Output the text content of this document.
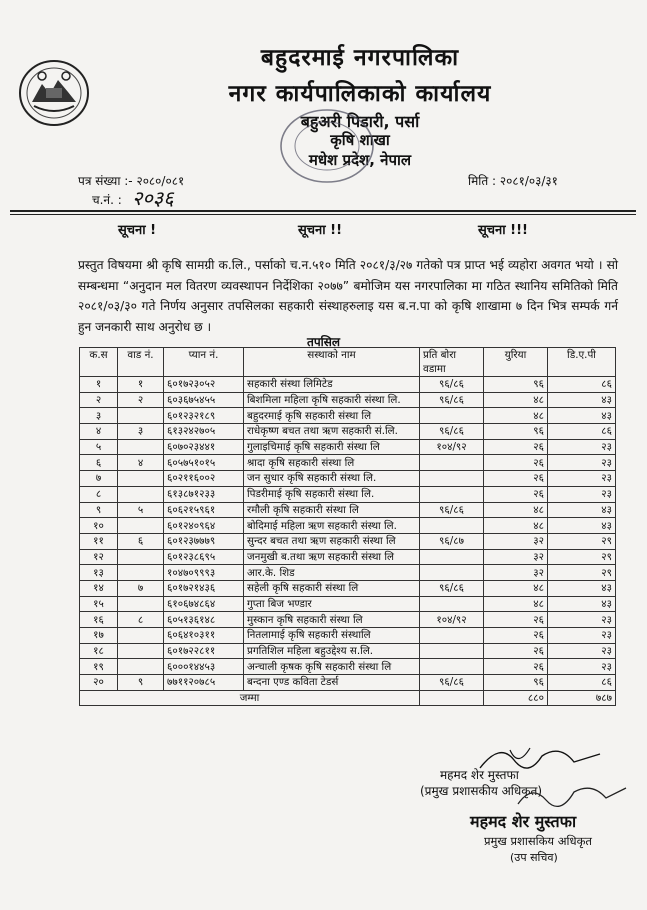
बहुदरमाई नगरपालिका
नगर कार्यपालिकाको कार्यालय
बहुअरी पिडारी, पर्सा
कृषि शाखा
मधेश प्रदेश, नेपाल
पत्र संख्या :- २०८०/०८१
च.नं. : २०३६
मिति : २०८१/०३/३१
सूचना !	सूचना !!	सूचना !!!
प्रस्तुत विषयमा श्री कृषि सामग्री क.लि., पर्साको च.न.५१० मिति २०८१/३/२७ गतेको पत्र प्राप्त भई व्यहोरा अवगत भयो । सो सम्बन्धमा “अनुदान मल वितरण व्यवस्थापन निर्देशिका २०७७” बमोजिम यस नगरपालिका मा गठित स्थानिय समितिको मिति २०८१/०३/३० गते निर्णय अनुसार तपसिलका सहकारी संस्थाहरुलाइ यस ब.न.पा को कृषि शाखामा ७ दिन भित्र सम्पर्क गर्न हुन जनकारी साथ अनुरोध छ ।
तपसिल
क.स	वाड नं.	प्यान नं.	सस्थाको नाम	प्रति बोरा वडामा	युरिया	डि.ए.पी
१	१	६०१७२३०५२	सहकारी संस्था लिमिटेड	९६/८६	९६	८६
२	२	६०३६७५४५५	बिशमिला महिला कृषि सहकारी संस्था लि.	९६/८६	४८	४३
३		६०१२३२१८९	बहुदरमाई कृषि सहकारी संस्था लि		४८	४३
४	३	६१३२४२७०५	राधेकृष्ण बचत तथा ऋण सहकारी सं.लि.	९६/८६	९६	८६
५		६०७०२३४४१	गुलाइचिमाई कृषि सहकारी संस्था लि	१०४/९२	२६	२३
६	४	६०५७५१०१५	श्रादा कृषि सहकारी संस्था लि		२६	२३
७		६०२११६००२	जन सुधार कृषि सहकारी संस्था लि.		२६	२३
८		६१३८७१२३३	पिडरीमाई कृषि सहकारी संस्था लि.		२६	२३
९	५	६०६२१५९६१	रमौली कृषि सहकारी संस्था लि	९६/८६	४८	४३
१०		६०१२४०९६४	बोदिमाई महिला ऋण सहकारी संस्था लि.		४८	४३
११	६	६०१२३७७७९	सुन्दर बचत तथा ऋण सहकारी संस्था लि	९६/८७	३२	२९
१२		६०१२३८६९५	जनमुखी ब.तथा ऋण सहकारी संस्था लि		३२	२९
१३		१०४७०९९९३	आर.के. शिड		३२	२९
१४	७	६०१७२१४३६	सहेली कृषि सहकारी संस्था लि	९६/८६	४८	४३
१५		६१०६७४८६४	गुप्ता बिज भण्डार		४८	४३
१६	८	६०५१३६१४८	मुस्कान कृषि सहकारी संस्था लि	१०४/९२	२६	२३
१७		६०६४१०३११	नितलामाई कृषि सहकारी संस्थालि		२६	२३
१८		६०१७२२८११	प्रगतिशिल महिला बहुउद्देश्य स.लि.		२६	२३
१९		६०००१४४५३	अन्चाली कृषक कृषि सहकारी संस्था लि		२६	२३
२०	९	७७११२०७८५	बन्दना एण्ड कविता टेडर्स	९६/८६	९६	८६
जम्मा					८८०	७८७
महमद शेर मुस्तफा
(प्रमुख प्रशासकीय अधिकृत)
महमद शेर मुस्तफा
प्रमुख प्रशासकिय अधिकृत
(उप सचिव)
